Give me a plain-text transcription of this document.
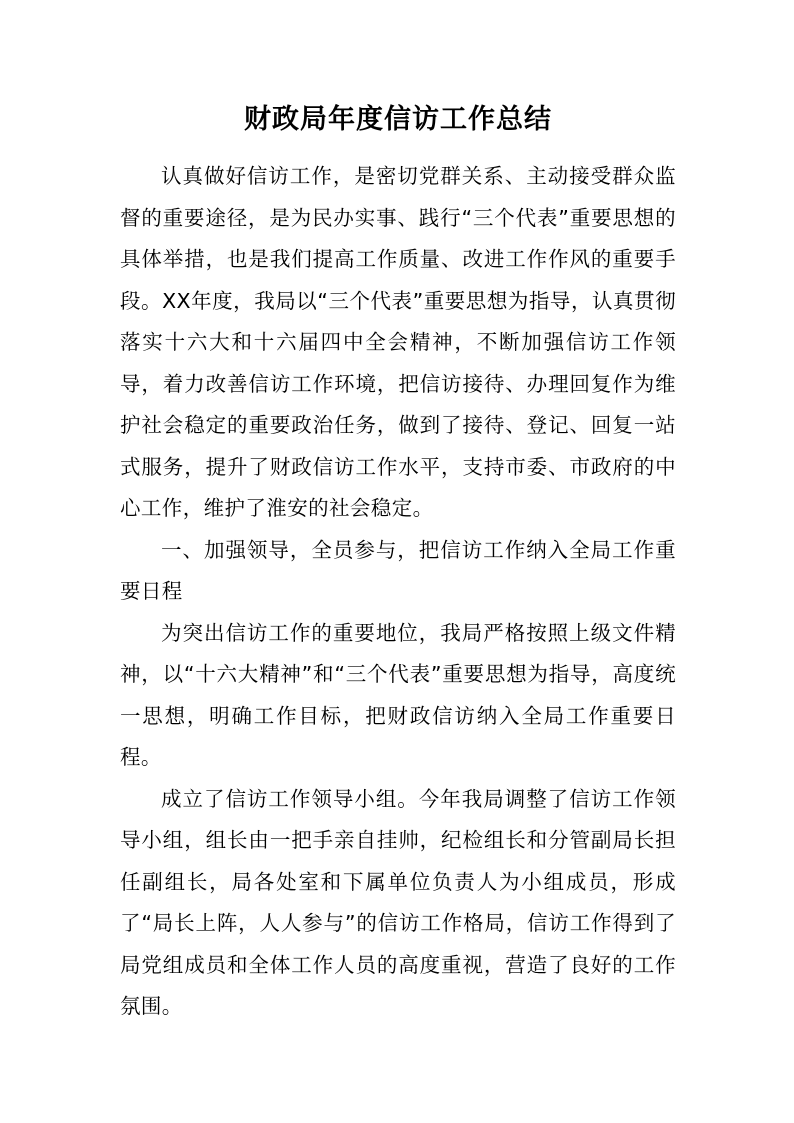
财政局年度信访工作总结

认真做好信访工作，是密切党群关系、主动接受群众监督的重要途径，是为民办实事、践行“三个代表”重要思想的具体举措，也是我们提高工作质量、改进工作作风的重要手段。XX年度，我局以“三个代表”重要思想为指导，认真贯彻落实十六大和十六届四中全会精神，不断加强信访工作领导，着力改善信访工作环境，把信访接待、办理回复作为维护社会稳定的重要政治任务，做到了接待、登记、回复一站式服务，提升了财政信访工作水平，支持市委、市政府的中心工作，维护了淮安的社会稳定。

一、加强领导，全员参与，把信访工作纳入全局工作重要日程

为突出信访工作的重要地位，我局严格按照上级文件精神，以“十六大精神”和“三个代表”重要思想为指导，高度统一思想，明确工作目标，把财政信访纳入全局工作重要日程。

成立了信访工作领导小组。今年我局调整了信访工作领导小组，组长由一把手亲自挂帅，纪检组长和分管副局长担任副组长，局各处室和下属单位负责人为小组成员，形成了“局长上阵，人人参与”的信访工作格局，信访工作得到了局党组成员和全体工作人员的高度重视，营造了良好的工作氛围。
